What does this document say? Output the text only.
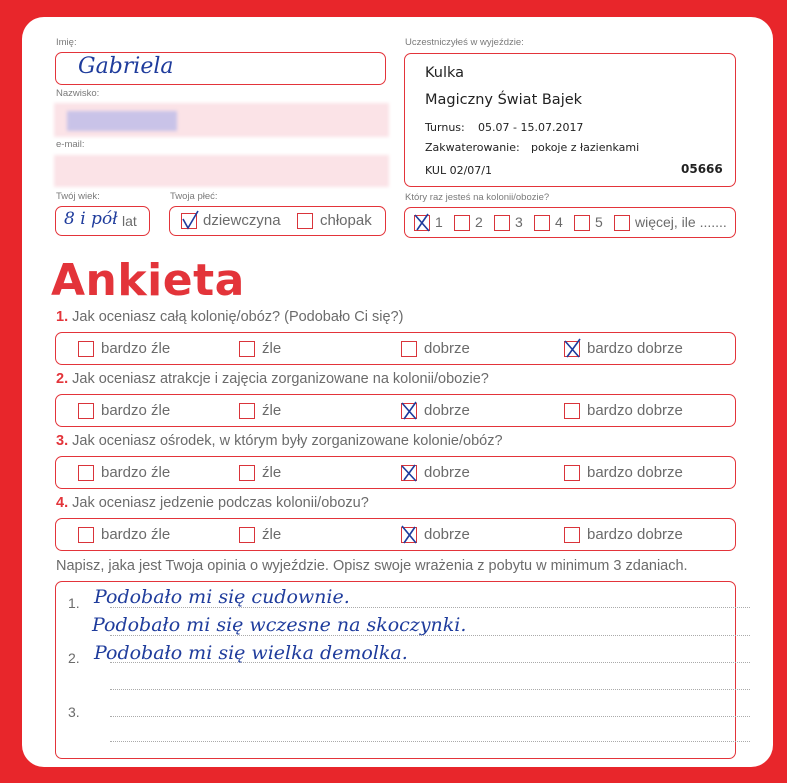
Imię:
Gabriela
Nazwisko:
e-mail:
Twój wiek:
8 i pół lat
Twoja płeć:
dziewczyna	chłopak
Uczestniczyłeś w wyjeździe:
Kulka
Magiczny Świat Bajek
Turnus: 05.07 - 15.07.2017
Zakwaterowanie: pokoje z łazienkami
KUL 02/07/1	05666
Który raz jesteś na kolonii/obozie?
1 2 3 4 5 więcej, ile .......
Ankieta
1. Jak oceniasz całą kolonię/obóz? (Podobało Ci się?)
bardzo źle	źle	dobrze	bardzo dobrze
2. Jak oceniasz atrakcje i zajęcia zorganizowane na kolonii/obozie?
bardzo źle	źle	dobrze	bardzo dobrze
3. Jak oceniasz ośrodek, w którym były zorganizowane kolonie/obóz?
bardzo źle	źle	dobrze	bardzo dobrze
4. Jak oceniasz jedzenie podczas kolonii/obozu?
bardzo źle	źle	dobrze	bardzo dobrze
Napisz, jaka jest Twoja opinia o wyjeździe. Opisz swoje wrażenia z pobytu w minimum 3 zdaniach.
1.
2.
3.
Podobało mi się cudownie.
Podobało mi się wczesne na skoczynki.
Podobało mi się wielka demolka.
